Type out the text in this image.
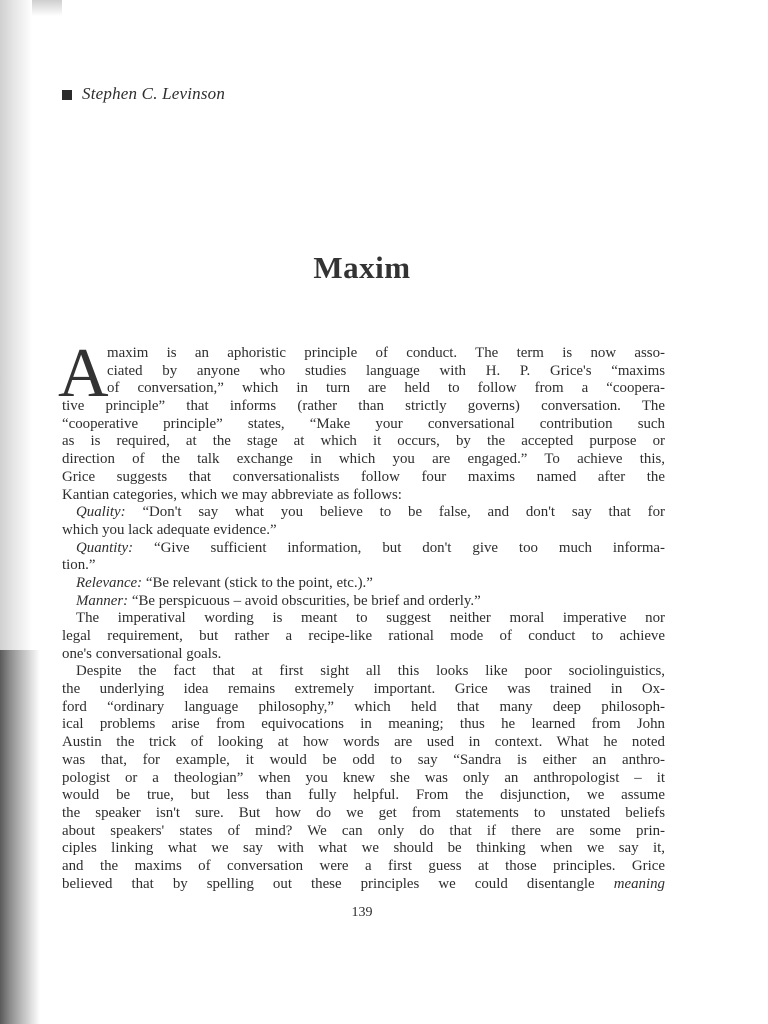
Stephen C. Levinson
Maxim
A
maxim is an aphoristic principle of conduct. The term is now asso-
ciated by anyone who studies language with H. P. Grice's “maxims
of conversation,” which in turn are held to follow from a “coopera-
tive principle” that informs (rather than strictly governs) conversation. The
“cooperative principle” states, “Make your conversational contribution such
as is required, at the stage at which it occurs, by the accepted purpose or
direction of the talk exchange in which you are engaged.” To achieve this,
Grice suggests that conversationalists follow four maxims named after the
Kantian categories, which we may abbreviate as follows:
Quality: “Don't say what you believe to be false, and don't say that for
which you lack adequate evidence.”
Quantity: “Give sufficient information, but don't give too much informa-
tion.”
Relevance: “Be relevant (stick to the point, etc.).”
Manner: “Be perspicuous – avoid obscurities, be brief and orderly.”
The imperatival wording is meant to suggest neither moral imperative nor
legal requirement, but rather a recipe-like rational mode of conduct to achieve
one's conversational goals.
Despite the fact that at first sight all this looks like poor sociolinguistics,
the underlying idea remains extremely important. Grice was trained in Ox-
ford “ordinary language philosophy,” which held that many deep philosoph-
ical problems arise from equivocations in meaning; thus he learned from John
Austin the trick of looking at how words are used in context. What he noted
was that, for example, it would be odd to say “Sandra is either an anthro-
pologist or a theologian” when you knew she was only an anthropologist – it
would be true, but less than fully helpful. From the disjunction, we assume
the speaker isn't sure. But how do we get from statements to unstated beliefs
about speakers' states of mind? We can only do that if there are some prin-
ciples linking what we say with what we should be thinking when we say it,
and the maxims of conversation were a first guess at those principles. Grice
believed that by spelling out these principles we could disentangle meaning
139
